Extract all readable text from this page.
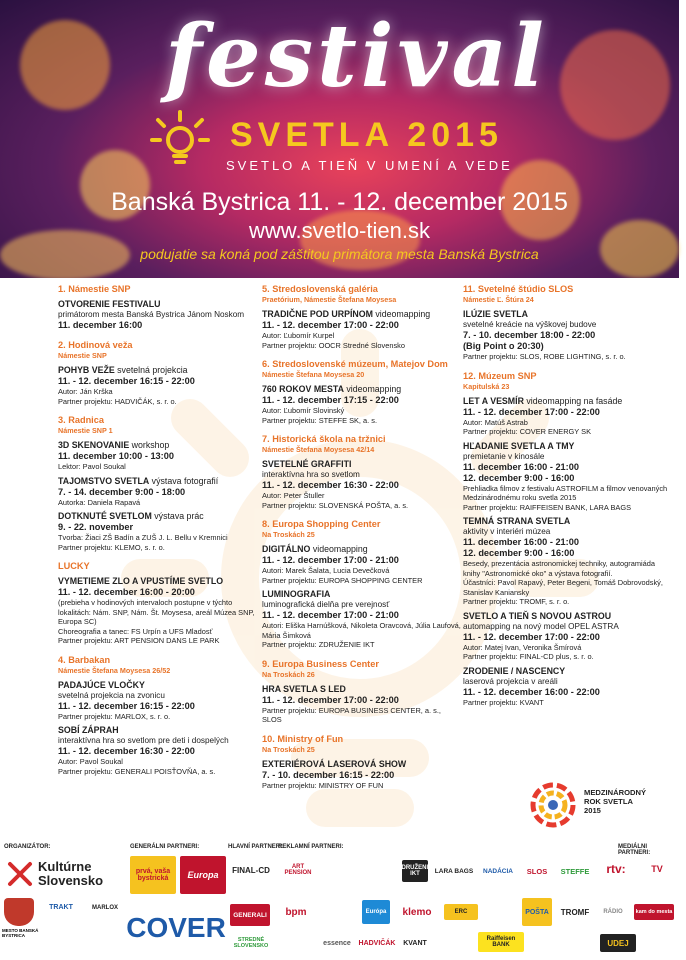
festival
SVETLA 2015
SVETLO A TIEŇ V UMENÍ A VEDE
Banská Bystrica 11. - 12. december 2015
www.svetlo-tien.sk
podujatie sa koná pod záštitou primátora mesta Banská Bystrica
1. Námestie SNP
OTVORENIE FESTIVALU
primátorom mesta Banská Bystrica Jánom Noskom
11. december 16:00
2. Hodinová veža
Námestie SNP
POHYB VEŽE svetelná projekcia
11. - 12. december 16:15 - 22:00
Autor: Ján Krška
Partner projektu: HADVIČÁK, s. r. o.
3. Radnica
Námestie SNP 1
3D SKENOVANIE workshop
11. december 10:00 - 13:00
Lektor: Pavol Soukal
TAJOMSTVO SVETLA výstava fotografií
7. - 14. december 9:00 - 18:00
Autorka: Daniela Rapavá
DOTKNUTÉ SVETLOM výstava prác
9. - 22. november
Tvorba: Žiaci ZŠ Badín a ZUŠ J. L. Bellu v Kremnici
Partner projektu: KLEMO, s. r. o.
LUCKY
VYMETIEME ZLO A VPUSTÍME SVETLO
11. - 12. december 16:00 - 20:00
(prebieha v hodinových intervaloch postupne v týchto lokalitách: Nám. SNP, Nám. Št. Moysesa, areál Múzea SNP, Europa SC)
Choreografia a tanec: FS Urpín a UFS Mladosť
Partner projektu: ART PENSION DANS LE PARK
4. Barbakan
Námestie Štefana Moysesa 26/52
PADAJÚCE VLOČKY
svetelná projekcia na zvonicu
11. - 12. december 16:15 - 22:00
Partner projektu: MARLOX, s. r. o.
SOBÍ ZÁPRAH
interaktívna hra so svetlom pre deti i dospelých
11. - 12. december 16:30 - 22:00
Autor: Pavol Soukal
Partner projektu: GENERALI POISŤOVŇA, a. s.
5. Stredoslovenská galéria
Praetórium, Námestie Štefana Moysesa
TRADIČNE POD URPÍNOM videomapping
11. - 12. december 17:00 - 22:00
Autor: Ľubomír Kurpel
Partner projektu: OOCR Stredné Slovensko
6. Stredoslovenské múzeum, Matejov Dom
Námestie Štefana Moysesa 20
760 ROKOV MESTA videomapping
11. - 12. december 17:15 - 22:00
Autor: Ľubomír Slovinský
Partner projektu: STEFFE SK, a. s.
7. Historická škola na tržnici
Námestie Štefana Moysesa 42/14
SVETELNÉ GRAFFITI
interaktívna hra so svetlom
11. - 12. december 16:30 - 22:00
Autor: Peter Štuller
Partner projektu: SLOVENSKÁ POŠTA, a. s.
8. Europa Shopping Center
Na Troskách 25
DIGITÁLNO videomapping
11. - 12. december 17:00 - 21:00
Autori: Marek Šalata, Lucia Devečková
Partner projektu: EUROPA SHOPPING CENTER
LUMINOGRAFIA
luminografická dielňa pre verejnosť
11. - 12. december 17:00 - 21:00
Autori: Eliška Harnúšková, Nikoleta Oravcová, Júlia Laufová, Mária Šimková
Partner projektu: ZDRUŽENIE IKT
9. Europa Business Center
Na Troskách 26
HRA SVETLA S LED
11. - 12. december 17:00 - 22:00
Partner projektu: EUROPA BUSINESS CENTER, a. s., SLOS
10. Ministry of Fun
Na Troskách 25
EXTERIÉROVÁ LASEROVÁ SHOW
7. - 10. december 16:15 - 22:00
Partner projektu: MINISTRY OF FUN
11. Svetelné štúdio SLOS
Námestie Ľ. Štúra 24
ILÚZIE SVETLA
svetelné kreácie na výškovej budove
7. - 10. december 18:00 - 22:00
(Big Point o 20:30)
Partner projektu: SLOS, ROBE LIGHTING, s. r. o.
12. Múzeum SNP
Kapitulská 23
LET A VESMÍR videomapping na fasáde
11. - 12. december 17:00 - 22:00
Autor: Matúš Astrab
Partner projektu: COVER ENERGY SK
HĽADANIE SVETLA A TMY
premietanie v kinosále
11. december 16:00 - 21:00
12. december 9:00 - 16:00
Prehliadka filmov z festivalu ASTROFILM a filmov venovaných Medzinárodnému roku svetla 2015
Partner projektu: RAIFFEISEN BANK, LARA BAGS
TEMNÁ STRANA SVETLA
aktivity v interiéri múzea
11. december 16:00 - 21:00
12. december 9:00 - 16:00
Besedy, prezentácia astronomickej techniky, autogramiáda knihy "Astronomické oko" a výstava fotografií.
Účastníci: Pavol Rapavý, Peter Begeni, Tomáš Dobrovodský, Stanislav Kaniansky
Partner projektu: TROMF, s. r. o.
SVETLO A TIEŇ S NOVOU ASTROU
automapping na nový model OPEL ASTRA
11. - 12. december 17:00 - 22:00
Autor: Matej Ivan, Veronika Šmírová
Partner projektu: FINAL-CD plus, s. r. o.
ZRODENIE / NASCENCY
laserová projekcia v areáli
11. - 12. december 16:00 - 22:00
Partner projektu: KVANT
MEDZINÁRODNÝ
ROK SVETLA
2015
ORGANIZÁTOR:	GENERÁLNI PARTNERI:	HLAVNÍ PARTNERI:
REKLAMNÍ PARTNERI:	MEDIÁLNI PARTNERI:
Kultúrne
Slovensko
MESTO BANSKÁ BYSTRICA
prvá, vaša bystrická	Europa
COVER
FINAL-CD	ART PENSION	LARA BAGS	NADÁCIA	SLOS	STEFFE	rtv:	TV
TRAKT
GENERALI	bpm	klemo
Európa	ERC	POŠTA	TROMF	RÁDIO	kam do mesta
STREDNÉ SLOVENSKO	essence	HADVIČÁK	KVANT
Raiffeisen BANK
ZDRUŽENIE IKT
MARLOX
UDEJ
